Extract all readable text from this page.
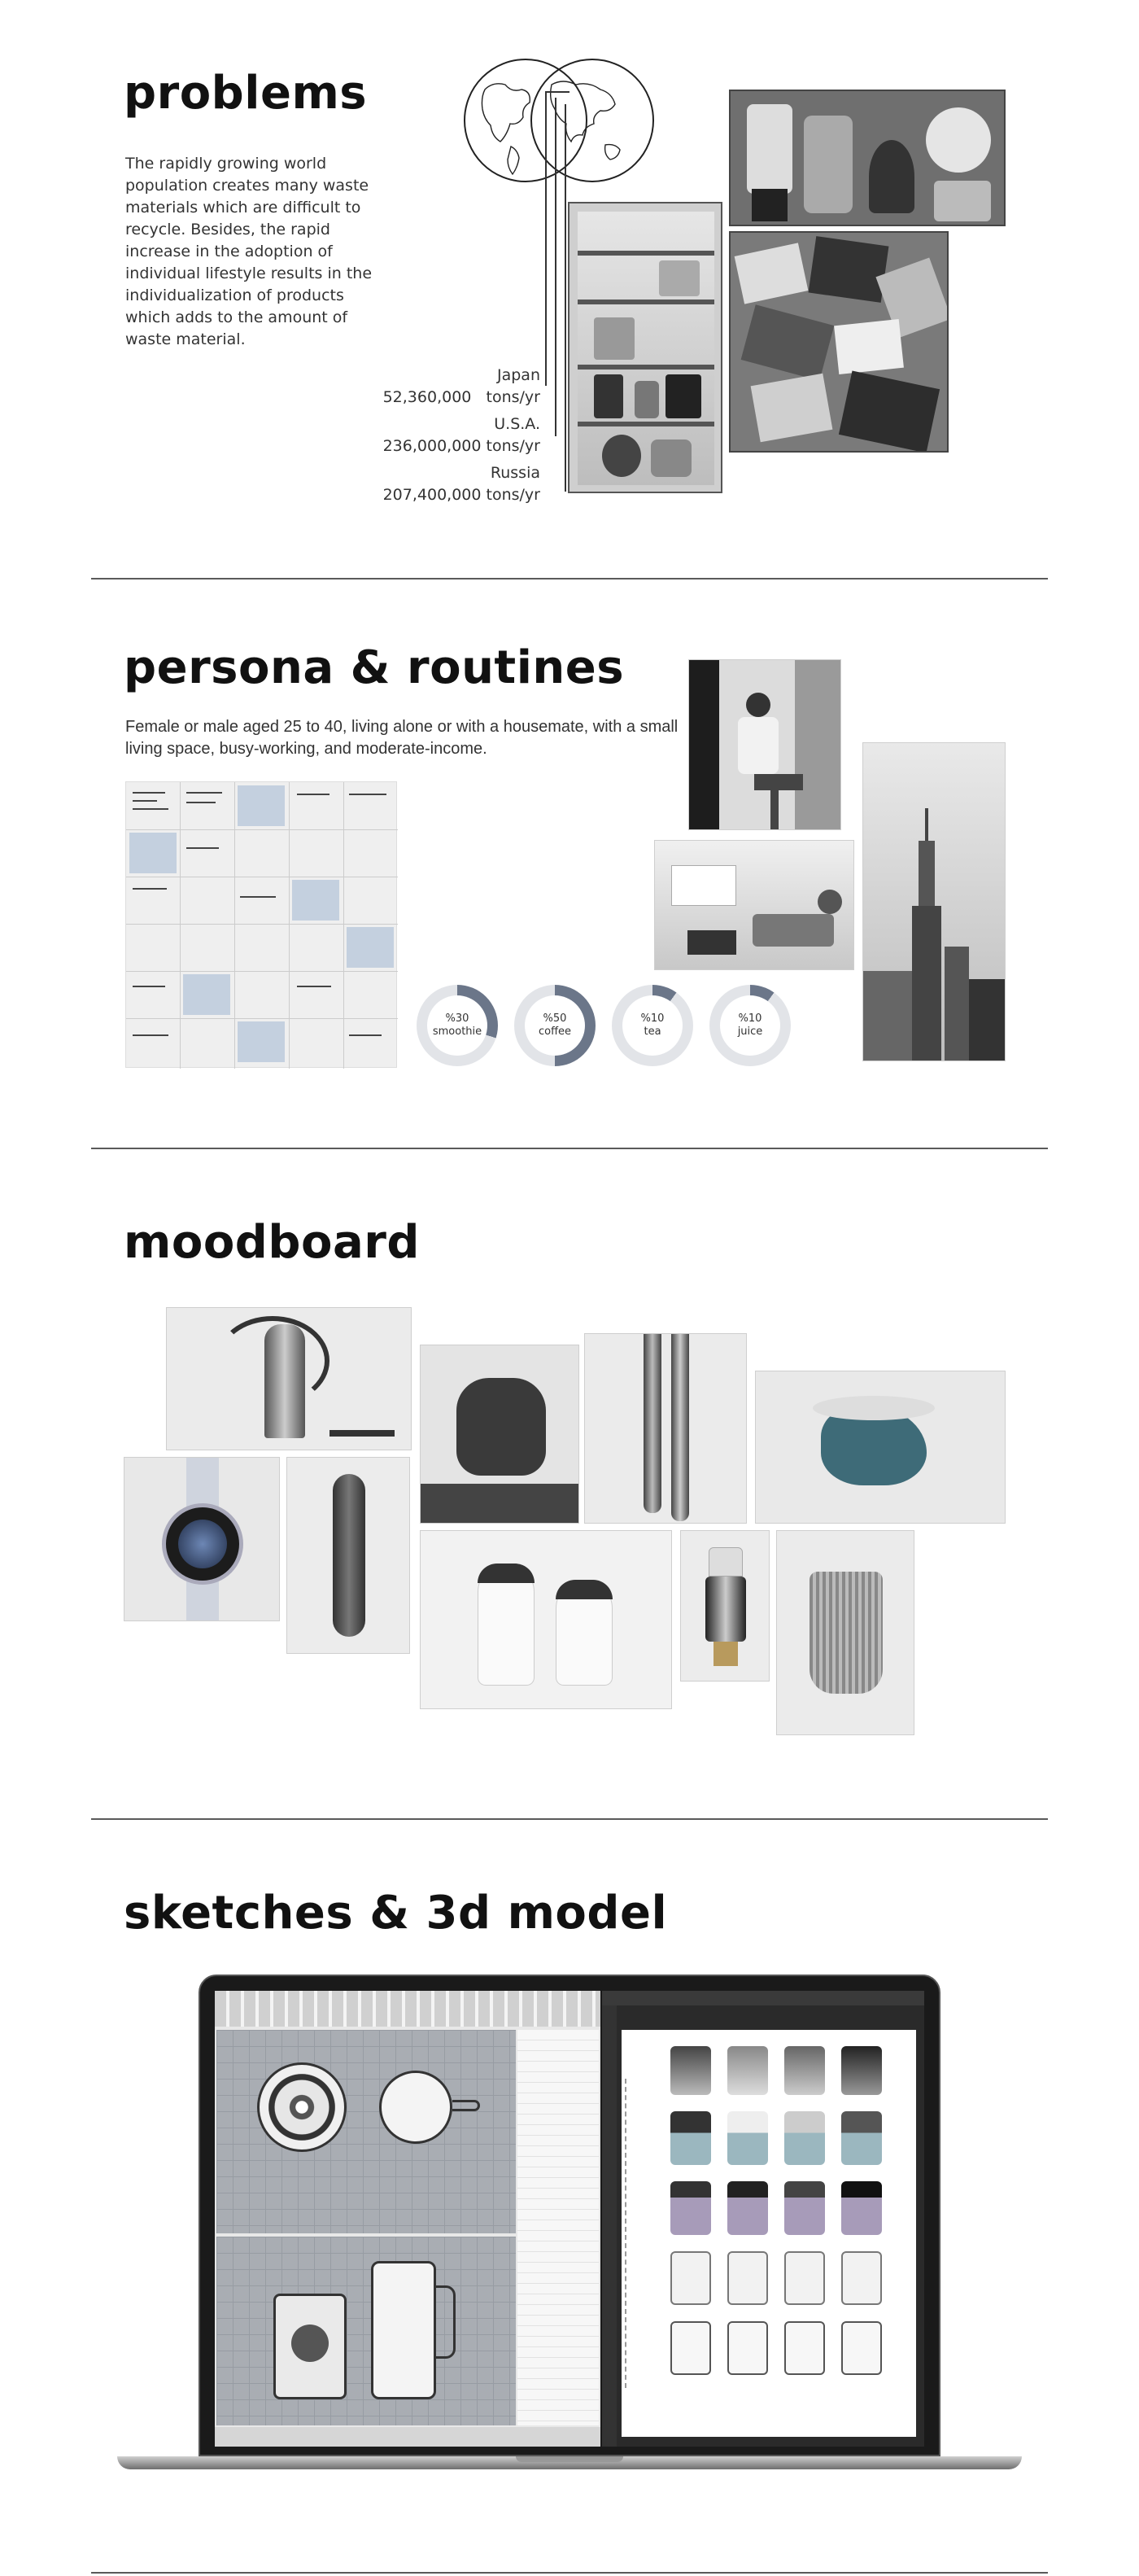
problems

The rapidly growing world population creates many waste materials which are difficult to recycle. Besides, the rapid increase in the adoption of individual lifestyle results in the individualization of products which adds to the amount of waste material.

Japan
52,360,000 tons/yr
U.S.A.
236,000,000 tons/yr
Russia
207,400,000 tons/yr
persona & routines

Female or male aged 25 to 40, living alone or with a housemate, with a small living space, busy-working, and moderate-income.

%30
smoothie
%50
coffee
%10
tea
%10
juice
moodboard
sketches & 3d model
